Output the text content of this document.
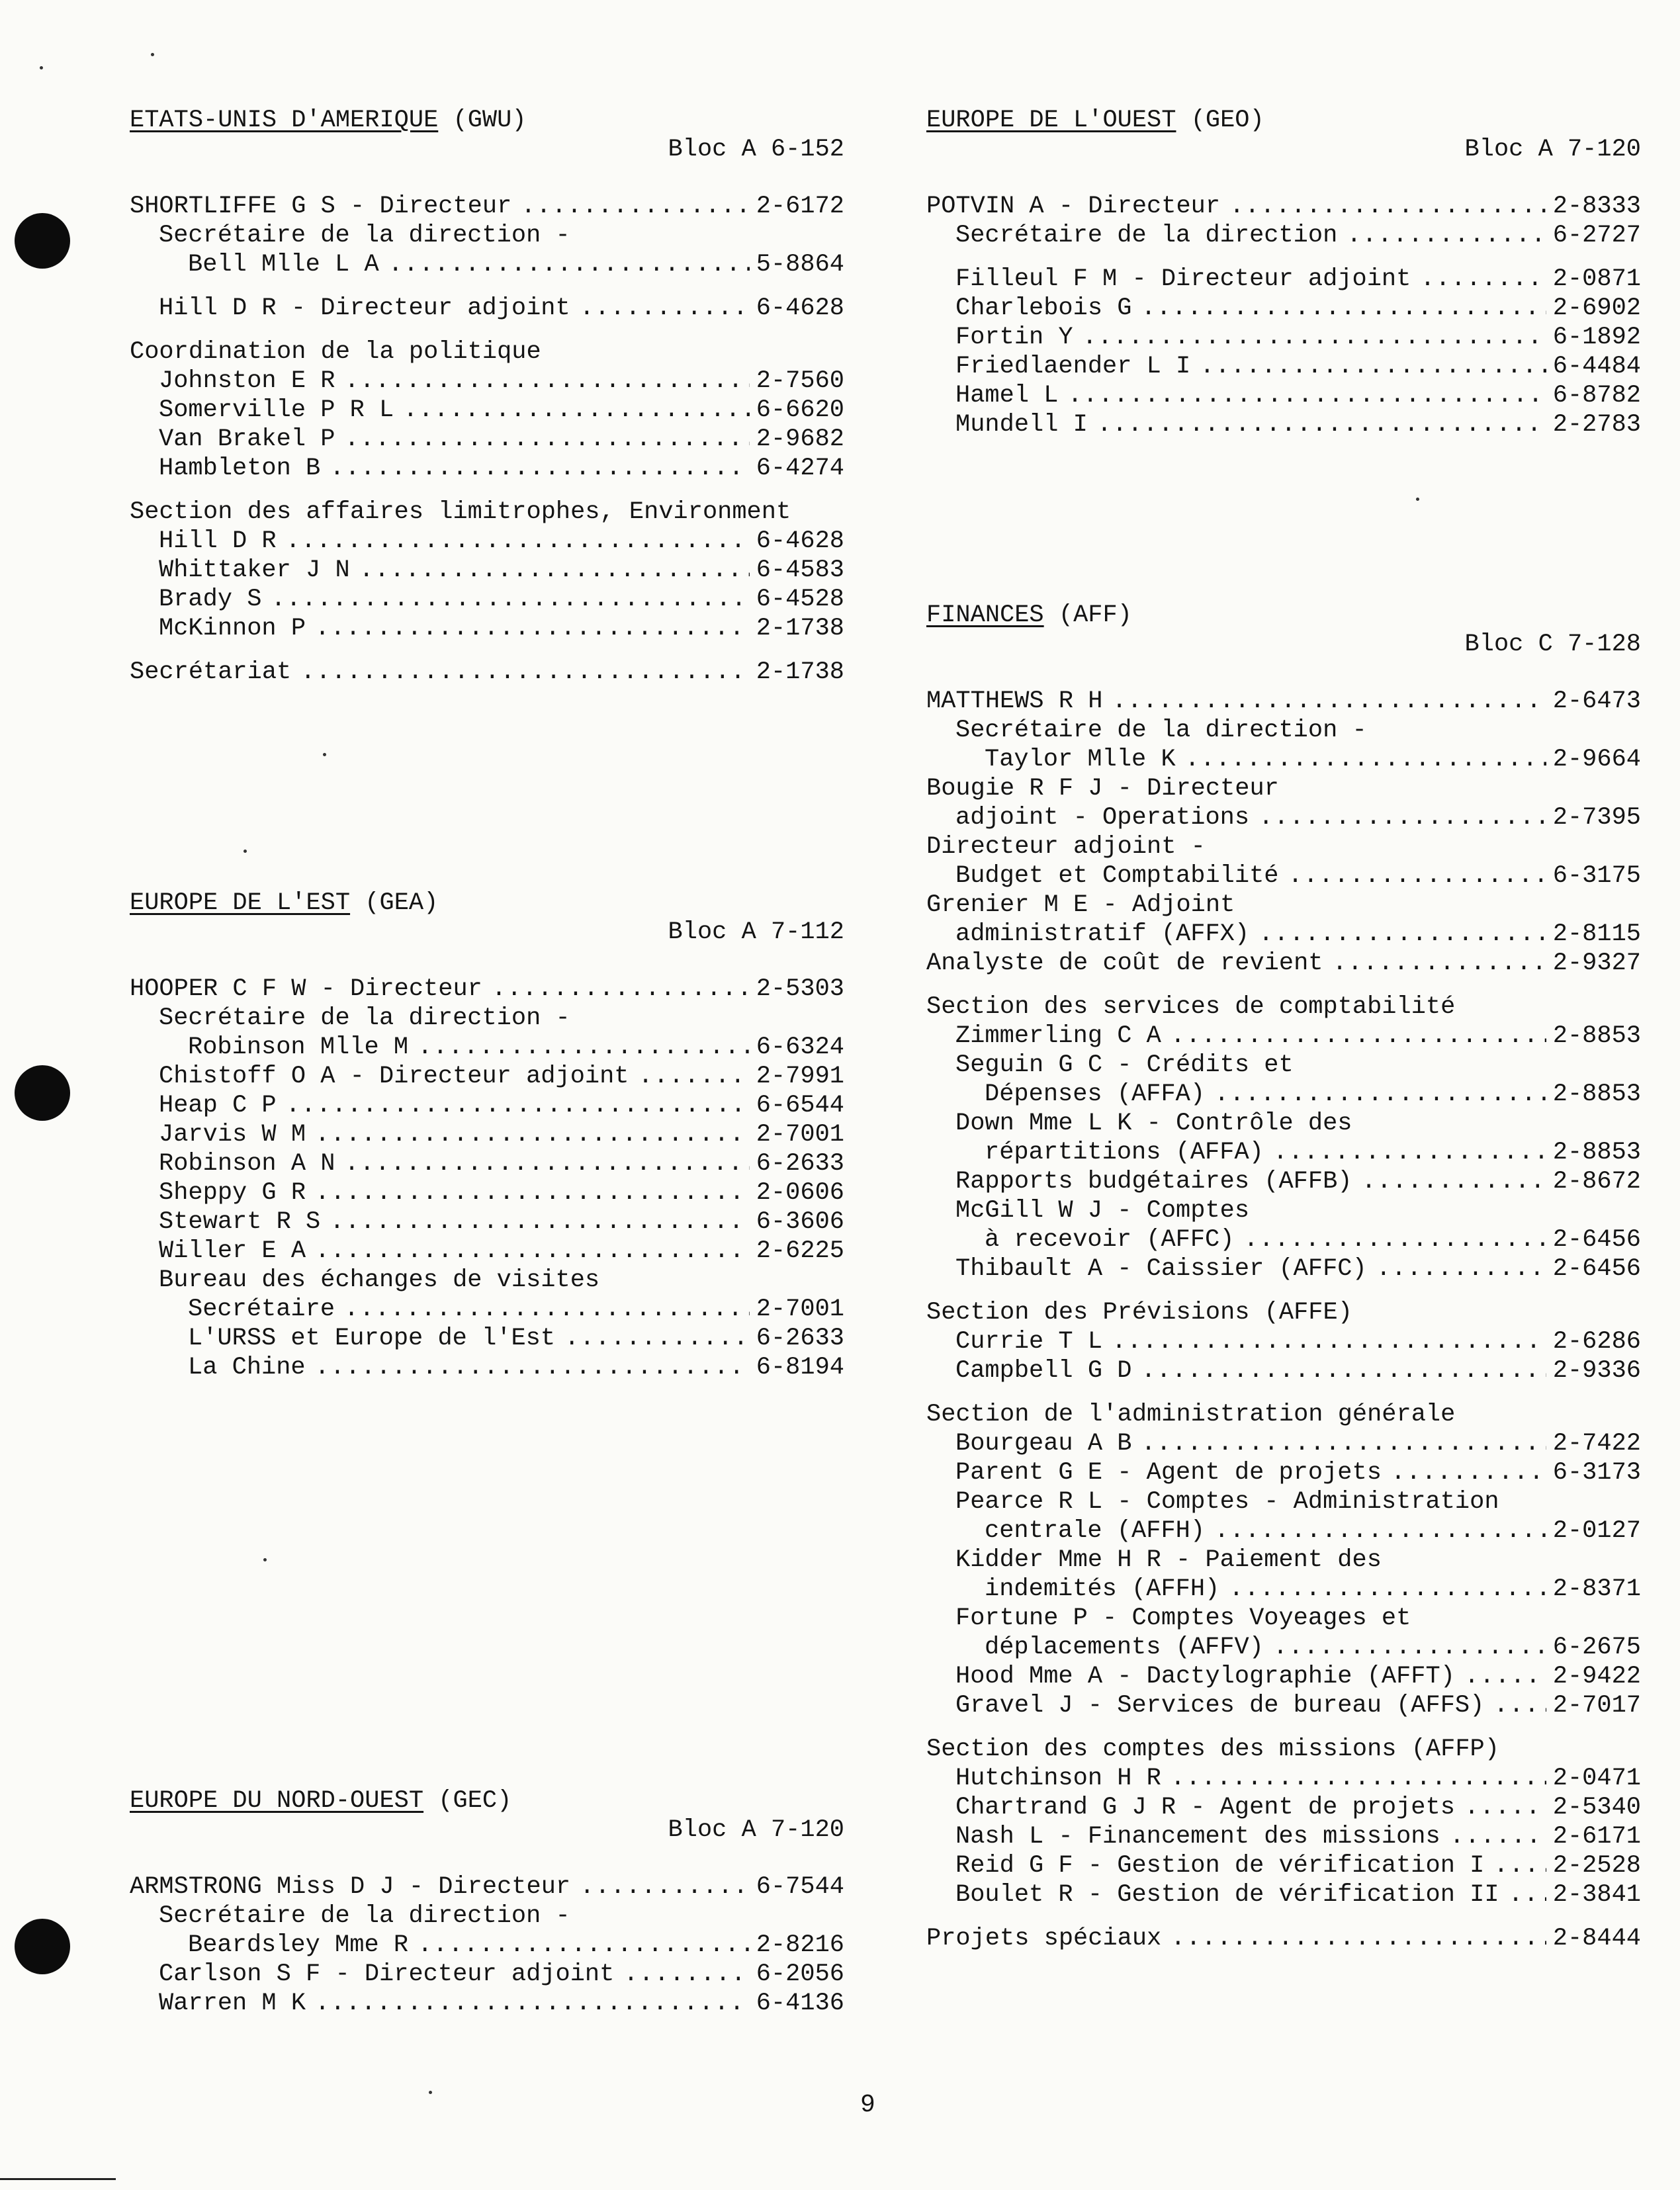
ETATS-UNIS D'AMERIQUE (GWU)
Bloc A 6-152
SHORTLIFFE G S - Directeur .....	2-6172
Secrétaire de la direction -
Bell Mlle L A .....	5-8864
Hill D R - Directeur adjoint .....	6-4628
Coordination de la politique
Johnston E R .....	2-7560
Somerville P R L .....	6-6620
Van Brakel P .....	2-9682
Hambleton B .....	6-4274
Section des affaires limitrophes, Environment
Hill D R .....	6-4628
Whittaker J N .....	6-4583
Brady S .....	6-4528
McKinnon P .....	2-1738
Secrétariat .....	2-1738
EUROPE DE L'EST (GEA)
Bloc A 7-112
HOOPER C F W - Directeur .....	2-5303
Secrétaire de la direction -
Robinson Mlle M .....	6-6324
Chistoff O A - Directeur adjoint .....	2-7991
Heap C P .....	6-6544
Jarvis W M .....	2-7001
Robinson A N .....	6-2633
Sheppy G R .....	2-0606
Stewart R S .....	6-3606
Willer E A .....	2-6225
Bureau des échanges de visites
Secrétaire .....	2-7001
L'URSS et Europe de l'Est .....	6-2633
La Chine .....	6-8194
EUROPE DU NORD-OUEST (GEC)
Bloc A 7-120
ARMSTRONG Miss D J - Directeur .....	6-7544
Secrétaire de la direction -
Beardsley Mme R .....	2-8216
Carlson S F - Directeur adjoint .....	6-2056
Warren M K .....	6-4136
EUROPE DE L'OUEST (GEO)
Bloc A 7-120
POTVIN A - Directeur .....	2-8333
Secrétaire de la direction .....	6-2727
Filleul F M - Directeur adjoint .....	2-0871
Charlebois G .....	2-6902
Fortin Y .....	6-1892
Friedlaender L I .....	6-4484
Hamel L .....	6-8782
Mundell I .....	2-2783
FINANCES (AFF)
Bloc C 7-128
MATTHEWS R H .....	2-6473
Secrétaire de la direction -
Taylor Mlle K .....	2-9664
Bougie R F J - Directeur
adjoint - Operations .....	2-7395
Directeur adjoint -
Budget et Comptabilité .....	6-3175
Grenier M E - Adjoint
administratif (AFFX) .....	2-8115
Analyste de coût de revient .....	2-9327
Section des services de comptabilité
Zimmerling C A .....	2-8853
Seguin G C - Crédits et
Dépenses (AFFA) .....	2-8853
Down Mme L K - Contrôle des
répartitions (AFFA) .....	2-8853
Rapports budgétaires (AFFB) .....	2-8672
McGill W J - Comptes
à recevoir (AFFC) .....	2-6456
Thibault A - Caissier (AFFC) .....	2-6456
Section des Prévisions (AFFE)
Currie T L .....	2-6286
Campbell G D .....	2-9336
Section de l'administration générale
Bourgeau A B .....	2-7422
Parent G E - Agent de projets .....	6-3173
Pearce R L - Comptes - Administration
centrale (AFFH) .....	2-0127
Kidder Mme H R - Paiement des
indemités (AFFH) .....	2-8371
Fortune P - Comptes Voyeages et
déplacements (AFFV) .....	6-2675
Hood Mme A - Dactylographie (AFFT) .....	2-9422
Gravel J - Services de bureau (AFFS) .....	2-7017
Section des comptes des missions (AFFP)
Hutchinson H R .....	2-0471
Chartrand G J R - Agent de projets .....	2-5340
Nash L - Financement des missions .....	2-6171
Reid G F - Gestion de vérification I .....	2-2528
Boulet R - Gestion de vérification II ..... 2-3841
Projets spéciaux .....	2-8444
9
